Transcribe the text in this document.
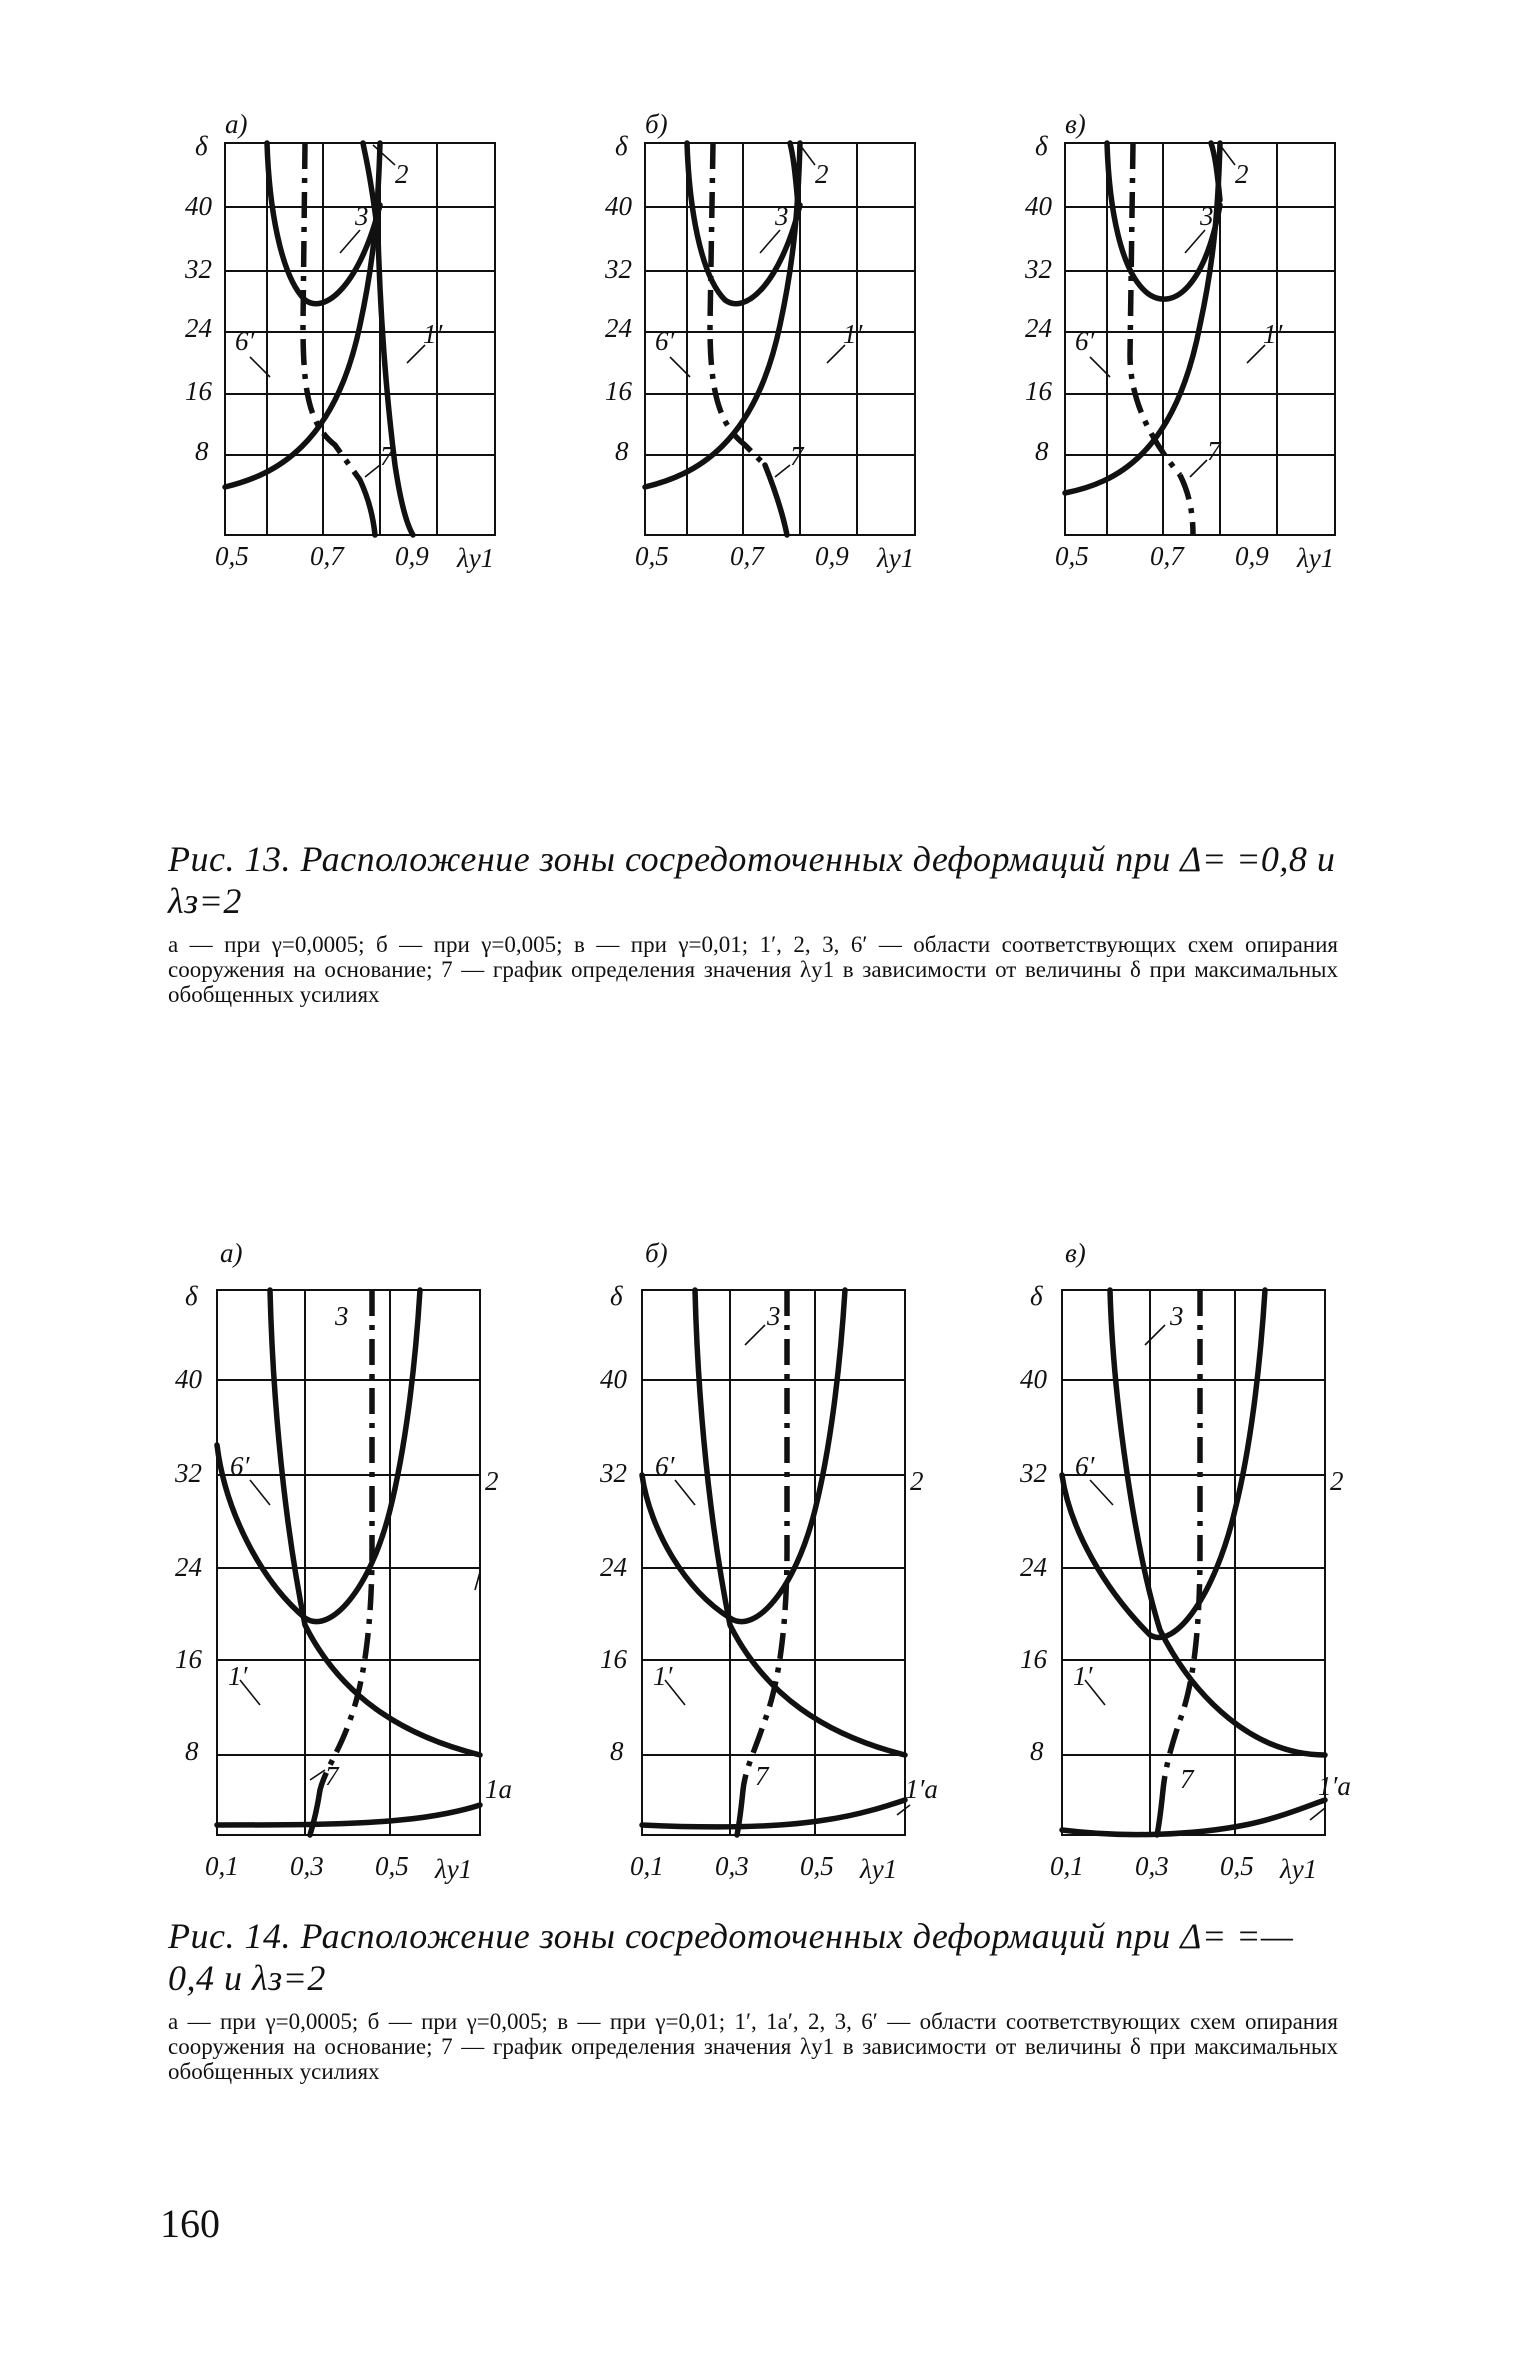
a)
δ
40
32
24
16
8
0,5 0,7 0,9 λy1
2
3
6′	1′
7
б)
δ
40
32
24
16
8
0,5 0,7 0,9 λy1
2
3
6′	1′
7
в)
δ
40
32
24
16
8
0,5 0,7 0,9 λy1
2
3
6′	1′
7
Рис. 13. Расположение зоны сосредоточенных деформаций при Δ= =0,8 и λз=2
а — при γ=0,0005; б — при γ=0,005; в — при γ=0,01; 1′, 2, 3, 6′ — области соответствующих схем опирания сооружения на основание; 7 — график определения значения λy1 в зависимости от величины δ при максимальных обобщенных усилиях
a)
δ
40
32
24
16
8
0,1 0,3 0,5 λy1
3
6′	2
1′
7	1a
б)
δ
40
32
24
16
8
0,1 0,3 0,5 λy1
3
6′	2
1′
7	1′a
в)
δ
40
32
24
16
8
0,1 0,3 0,5 λy1
3
6′	2
1′
7	1′a
Рис. 14. Расположение зоны сосредоточенных деформаций при Δ= =—0,4 и λз=2
а — при γ=0,0005; б — при γ=0,005; в — при γ=0,01; 1′, 1а′, 2, 3, 6′ — области соответствующих схем опирания сооружения на основание; 7 — график определения значения λy1 в зависимости от величины δ при максимальных обобщенных усилиях
160
